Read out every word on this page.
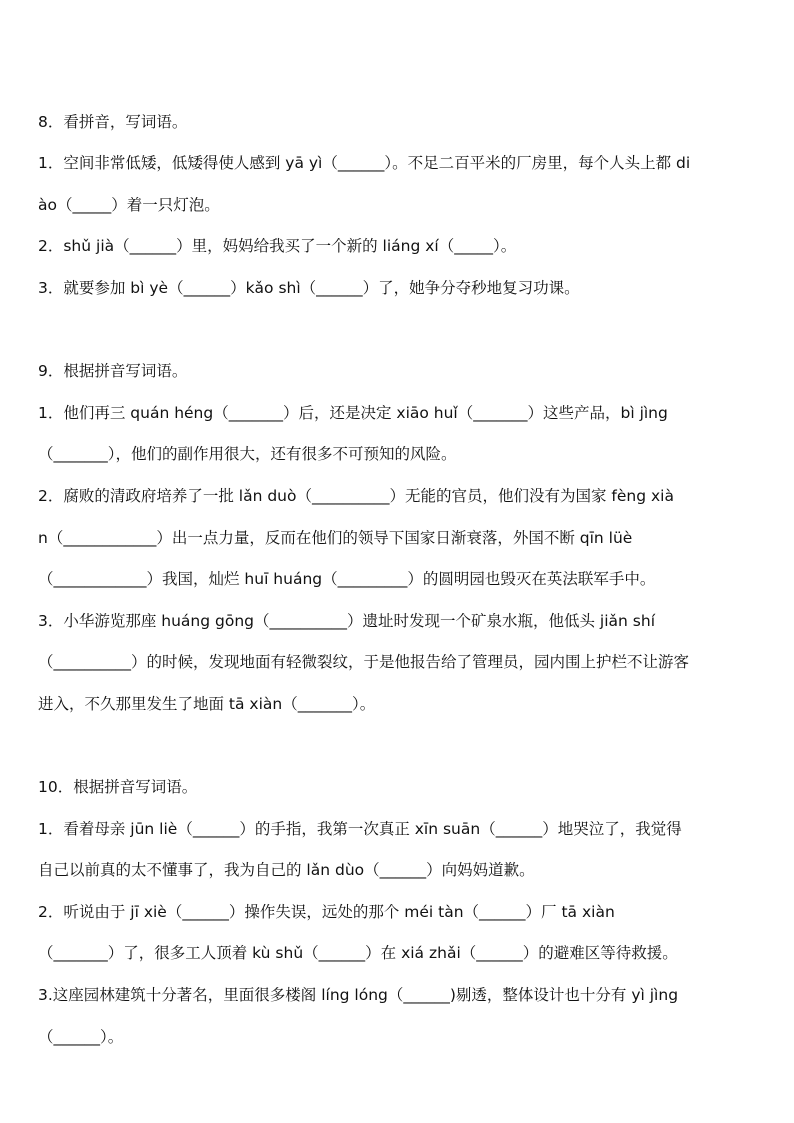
8．看拼音，写词语。
1．空间非常低矮，低矮得使人感到 yā yì（______）。不足二百平米的厂房里，每个人头上都 di
ào（_____）着一只灯泡。
2．shǔ jià（______）里，妈妈给我买了一个新的 liáng xí（_____）。
3．就要参加 bì yè（______）kǎo shì（______）了，她争分夺秒地复习功课。
9．根据拼音写词语。
1．他们再三 quán héng（_______）后，还是决定 xiāo huǐ（_______）这些产品，bì jìng
（_______），他们的副作用很大，还有很多不可预知的风险。
2．腐败的清政府培养了一批 lǎn duò（__________）无能的官员，他们没有为国家 fèng xià
n（____________）出一点力量，反而在他们的领导下国家日渐衰落，外国不断 qīn lüè
（____________）我国，灿烂 huī huáng（_________）的圆明园也毁灭在英法联军手中。
3．小华游览那座 huáng gōng（__________）遗址时发现一个矿泉水瓶，他低头 jiǎn shí
（__________）的时候，发现地面有轻微裂纹，于是他报告给了管理员，园内围上护栏不让游客
进入，不久那里发生了地面 tā xiàn（_______）。
10．根据拼音写词语。
1．看着母亲 jūn liè（______）的手指，我第一次真正 xīn suān（______）地哭泣了，我觉得
自己以前真的太不懂事了，我为自己的 lǎn dùo（______）向妈妈道歉。
2．听说由于 jī xiè（______）操作失误，远处的那个 méi tàn（______）厂 tā xiàn
（_______）了，很多工人顶着 kù shǔ（______）在 xiá zhǎi（______）的避难区等待救援。
3.这座园林建筑十分著名，里面很多楼阁 líng lóng（______)剔透，整体设计也十分有 yì jìng
（______）。
